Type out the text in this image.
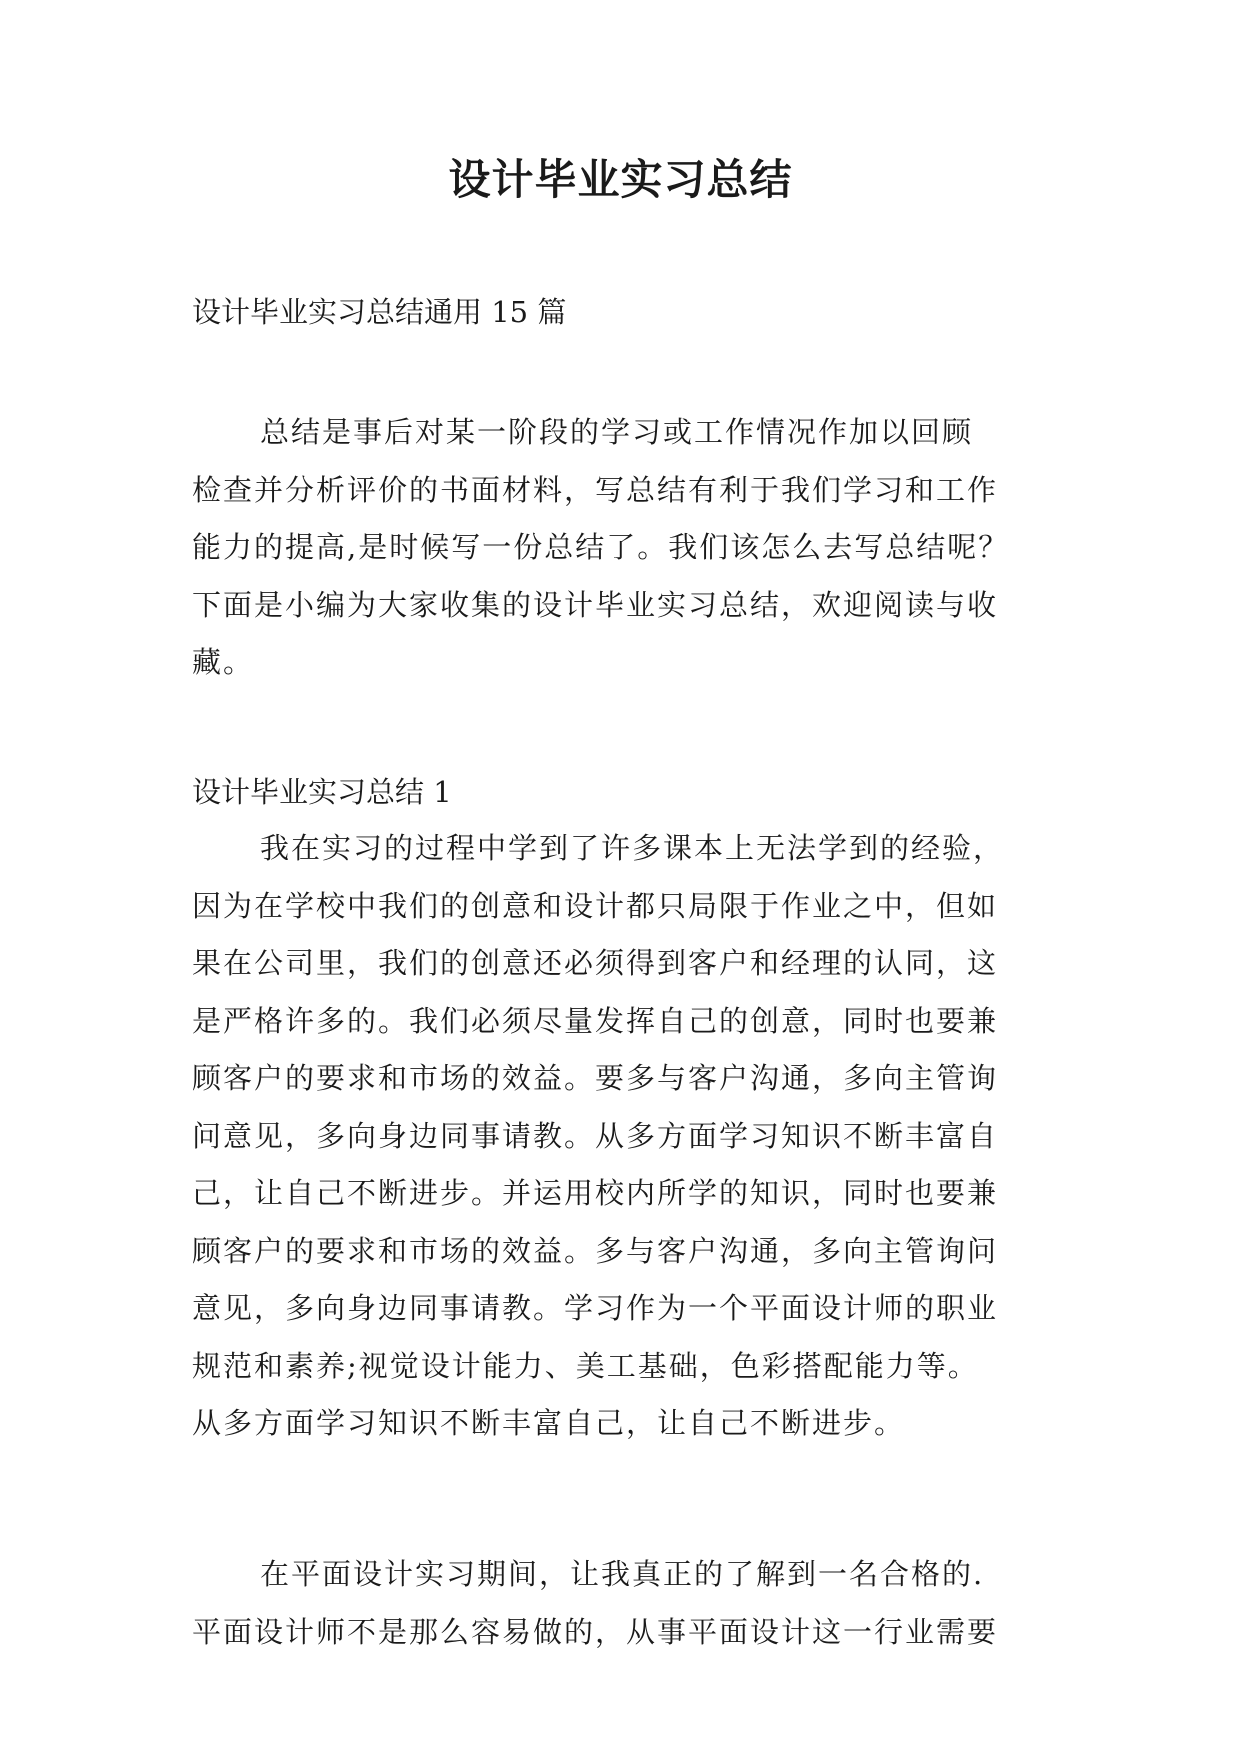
设计毕业实习总结

设计毕业实习总结通用 15 篇

总结是事后对某一阶段的学习或工作情况作加以回顾
检查并分析评价的书面材料，写总结有利于我们学习和工作
能力的提高,是时候写一份总结了。我们该怎么去写总结呢？
下面是小编为大家收集的设计毕业实习总结，欢迎阅读与收
藏。

设计毕业实习总结 1

我在实习的过程中学到了许多课本上无法学到的经验，
因为在学校中我们的创意和设计都只局限于作业之中，但如
果在公司里，我们的创意还必须得到客户和经理的认同，这
是严格许多的。我们必须尽量发挥自己的创意，同时也要兼
顾客户的要求和市场的效益。要多与客户沟通，多向主管询
问意见，多向身边同事请教。从多方面学习知识不断丰富自
己，让自己不断进步。并运用校内所学的知识，同时也要兼
顾客户的要求和市场的效益。多与客户沟通，多向主管询问
意见，多向身边同事请教。学习作为一个平面设计师的职业
规范和素养;视觉设计能力、美工基础，色彩搭配能力等。
从多方面学习知识不断丰富自己，让自己不断进步。

在平面设计实习期间，让我真正的了解到一名合格的.
平面设计师不是那么容易做的，从事平面设计这一行业需要
